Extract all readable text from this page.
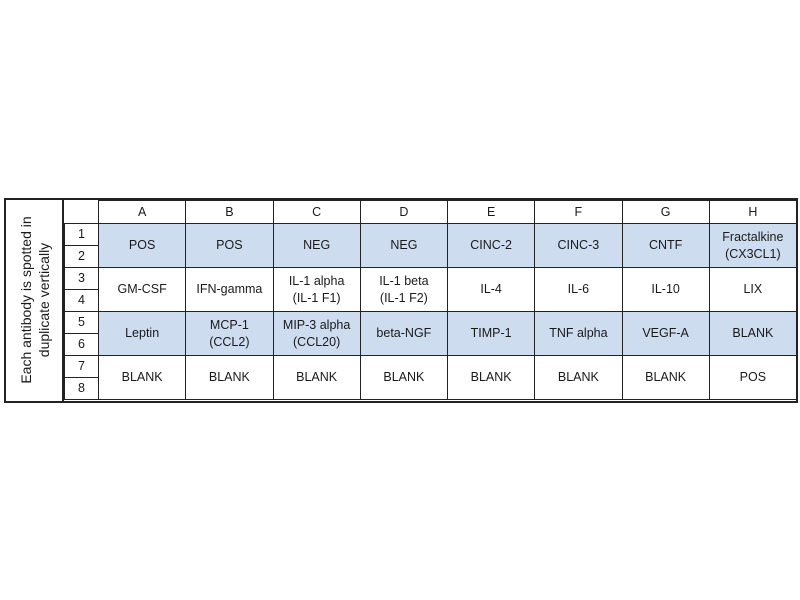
Each antibody is spotted in duplicate vertically
	A	B	C	D	E	F	G	H
1	POS	POS	NEG	NEG	CINC-2	CINC-3	CNTF	Fractalkine
(CX3CL1)
2								
3	GM-CSF	IFN-gamma	IL-1 alpha
(IL-1 F1)	IL-1 beta
(IL-1 F2)	IL-4	IL-6	IL-10	LIX
4								
5	Leptin	MCP-1
(CCL2)	MIP-3 alpha
(CCL20)	beta-NGF	TIMP-1	TNF alpha	VEGF-A	BLANK
6								
7	BLANK	BLANK	BLANK	BLANK	BLANK	BLANK	BLANK	POS
8								
